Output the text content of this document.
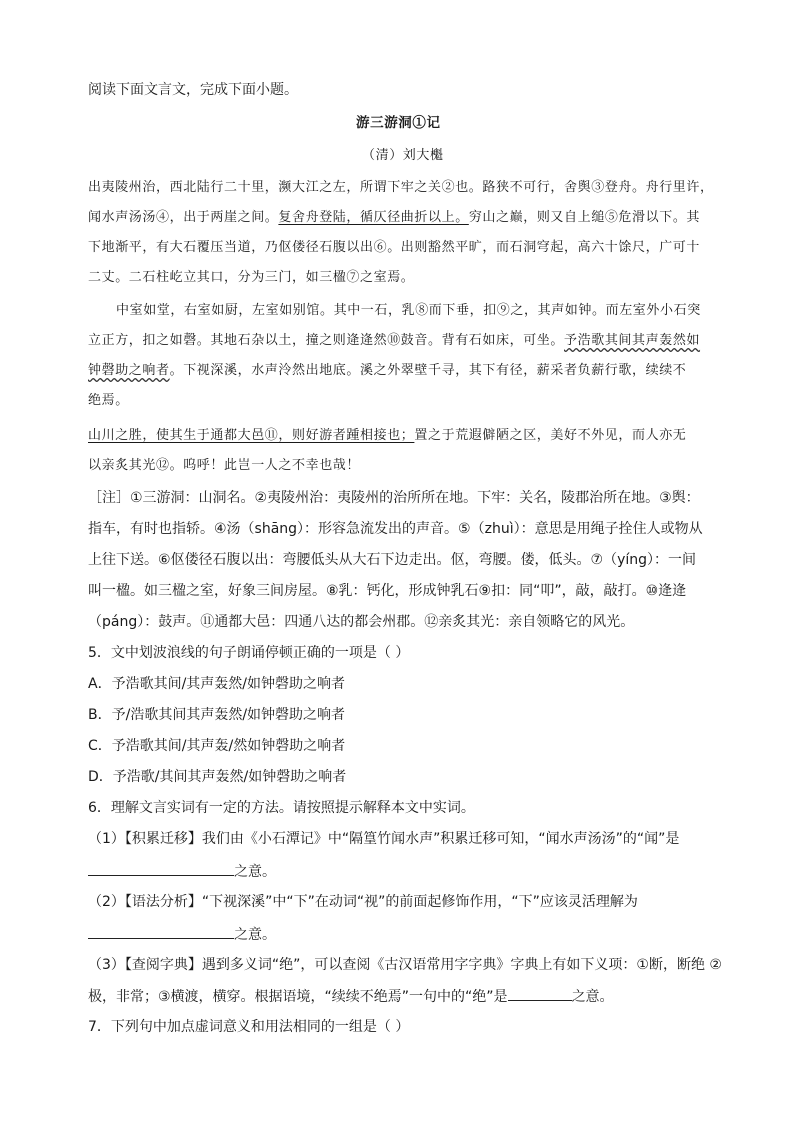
阅读下面文言文，完成下面小题。
游三游洞①记
（清）刘大櫆
出夷陵州治，西北陆行二十里，濒大江之左，所谓下牢之关②也。路狭不可行，舍舆③登舟。舟行里许，
闻水声汤汤④，出于两崖之间。复舍舟登陆，循仄径曲折以上。穷山之巅，则又自上缒⑤危滑以下。其
下地渐平，有大石覆压当道，乃伛偻径石腹以出⑥。出则豁然平旷，而石洞穹起，高六十馀尺，广可十
二丈。二石柱屹立其口，分为三门，如三楹⑦之室焉。
中室如堂，右室如厨，左室如别馆。其中一石，乳⑧而下垂，扣⑨之，其声如钟。而左室外小石突
立正方，扣之如磬。其地石杂以土，撞之则逄逄然⑩鼓音。背有石如床，可坐。予浩歌其间其声轰然如
钟磬助之响者。下视深溪，水声泠然出地底。溪之外翠壁千寻，其下有径，薪采者负薪行歌，续续不
绝焉。
山川之胜，使其生于通都大邑⑪，则好游者踵相接也；置之于荒遐僻陋之区，美好不外见，而人亦无
以亲炙其光⑫。呜呼！此岂一人之不幸也哉！
［注］①三游洞：山洞名。②夷陵州治：夷陵州的治所所在地。下牢：关名，陵郡治所在地。③舆：
指车，有时也指轿。④汤（shāng）：形容急流发出的声音。⑤（zhuì）：意思是用绳子拴住人或物从
上往下送。⑥伛偻径石腹以出：弯腰低头从大石下边走出。伛，弯腰。偻，低头。⑦（yíng）：一间
叫一楹。如三楹之室，好象三间房屋。⑧乳：钙化，形成钟乳石⑨扣：同“叩”，敲，敲打。⑩逄逄
（páng）：鼓声。⑪通都大邑：四通八达的都会州郡。⑫亲炙其光：亲自领略它的风光。
5．文中划波浪线的句子朗诵停顿正确的一项是（ ）
A．予浩歌其间/其声轰然/如钟磬助之响者
B．予/浩歌其间其声轰然/如钟磬助之响者
C．予浩歌其间/其声轰/然如钟磬助之响者
D．予浩歌/其间其声轰然/如钟磬助之响者
6．理解文言实词有一定的方法。请按照提示解释本文中实词。
（1）【积累迁移】我们由《小石潭记》中“隔篁竹闻水声”积累迁移可知，“闻水声汤汤”的“闻”是
之意。
（2）【语法分析】“下视深溪”中“下”在动词“视”的前面起修饰作用，“下”应该灵活理解为
之意。
（3）【查阅字典】遇到多义词“绝”，可以查阅《古汉语常用字字典》字典上有如下义项：①断，断绝 ②
极，非常；③横渡，横穿。根据语境，“续续不绝焉”一句中的“绝”是	之意。
7．下列句中加点虚词意义和用法相同的一组是（ ）
